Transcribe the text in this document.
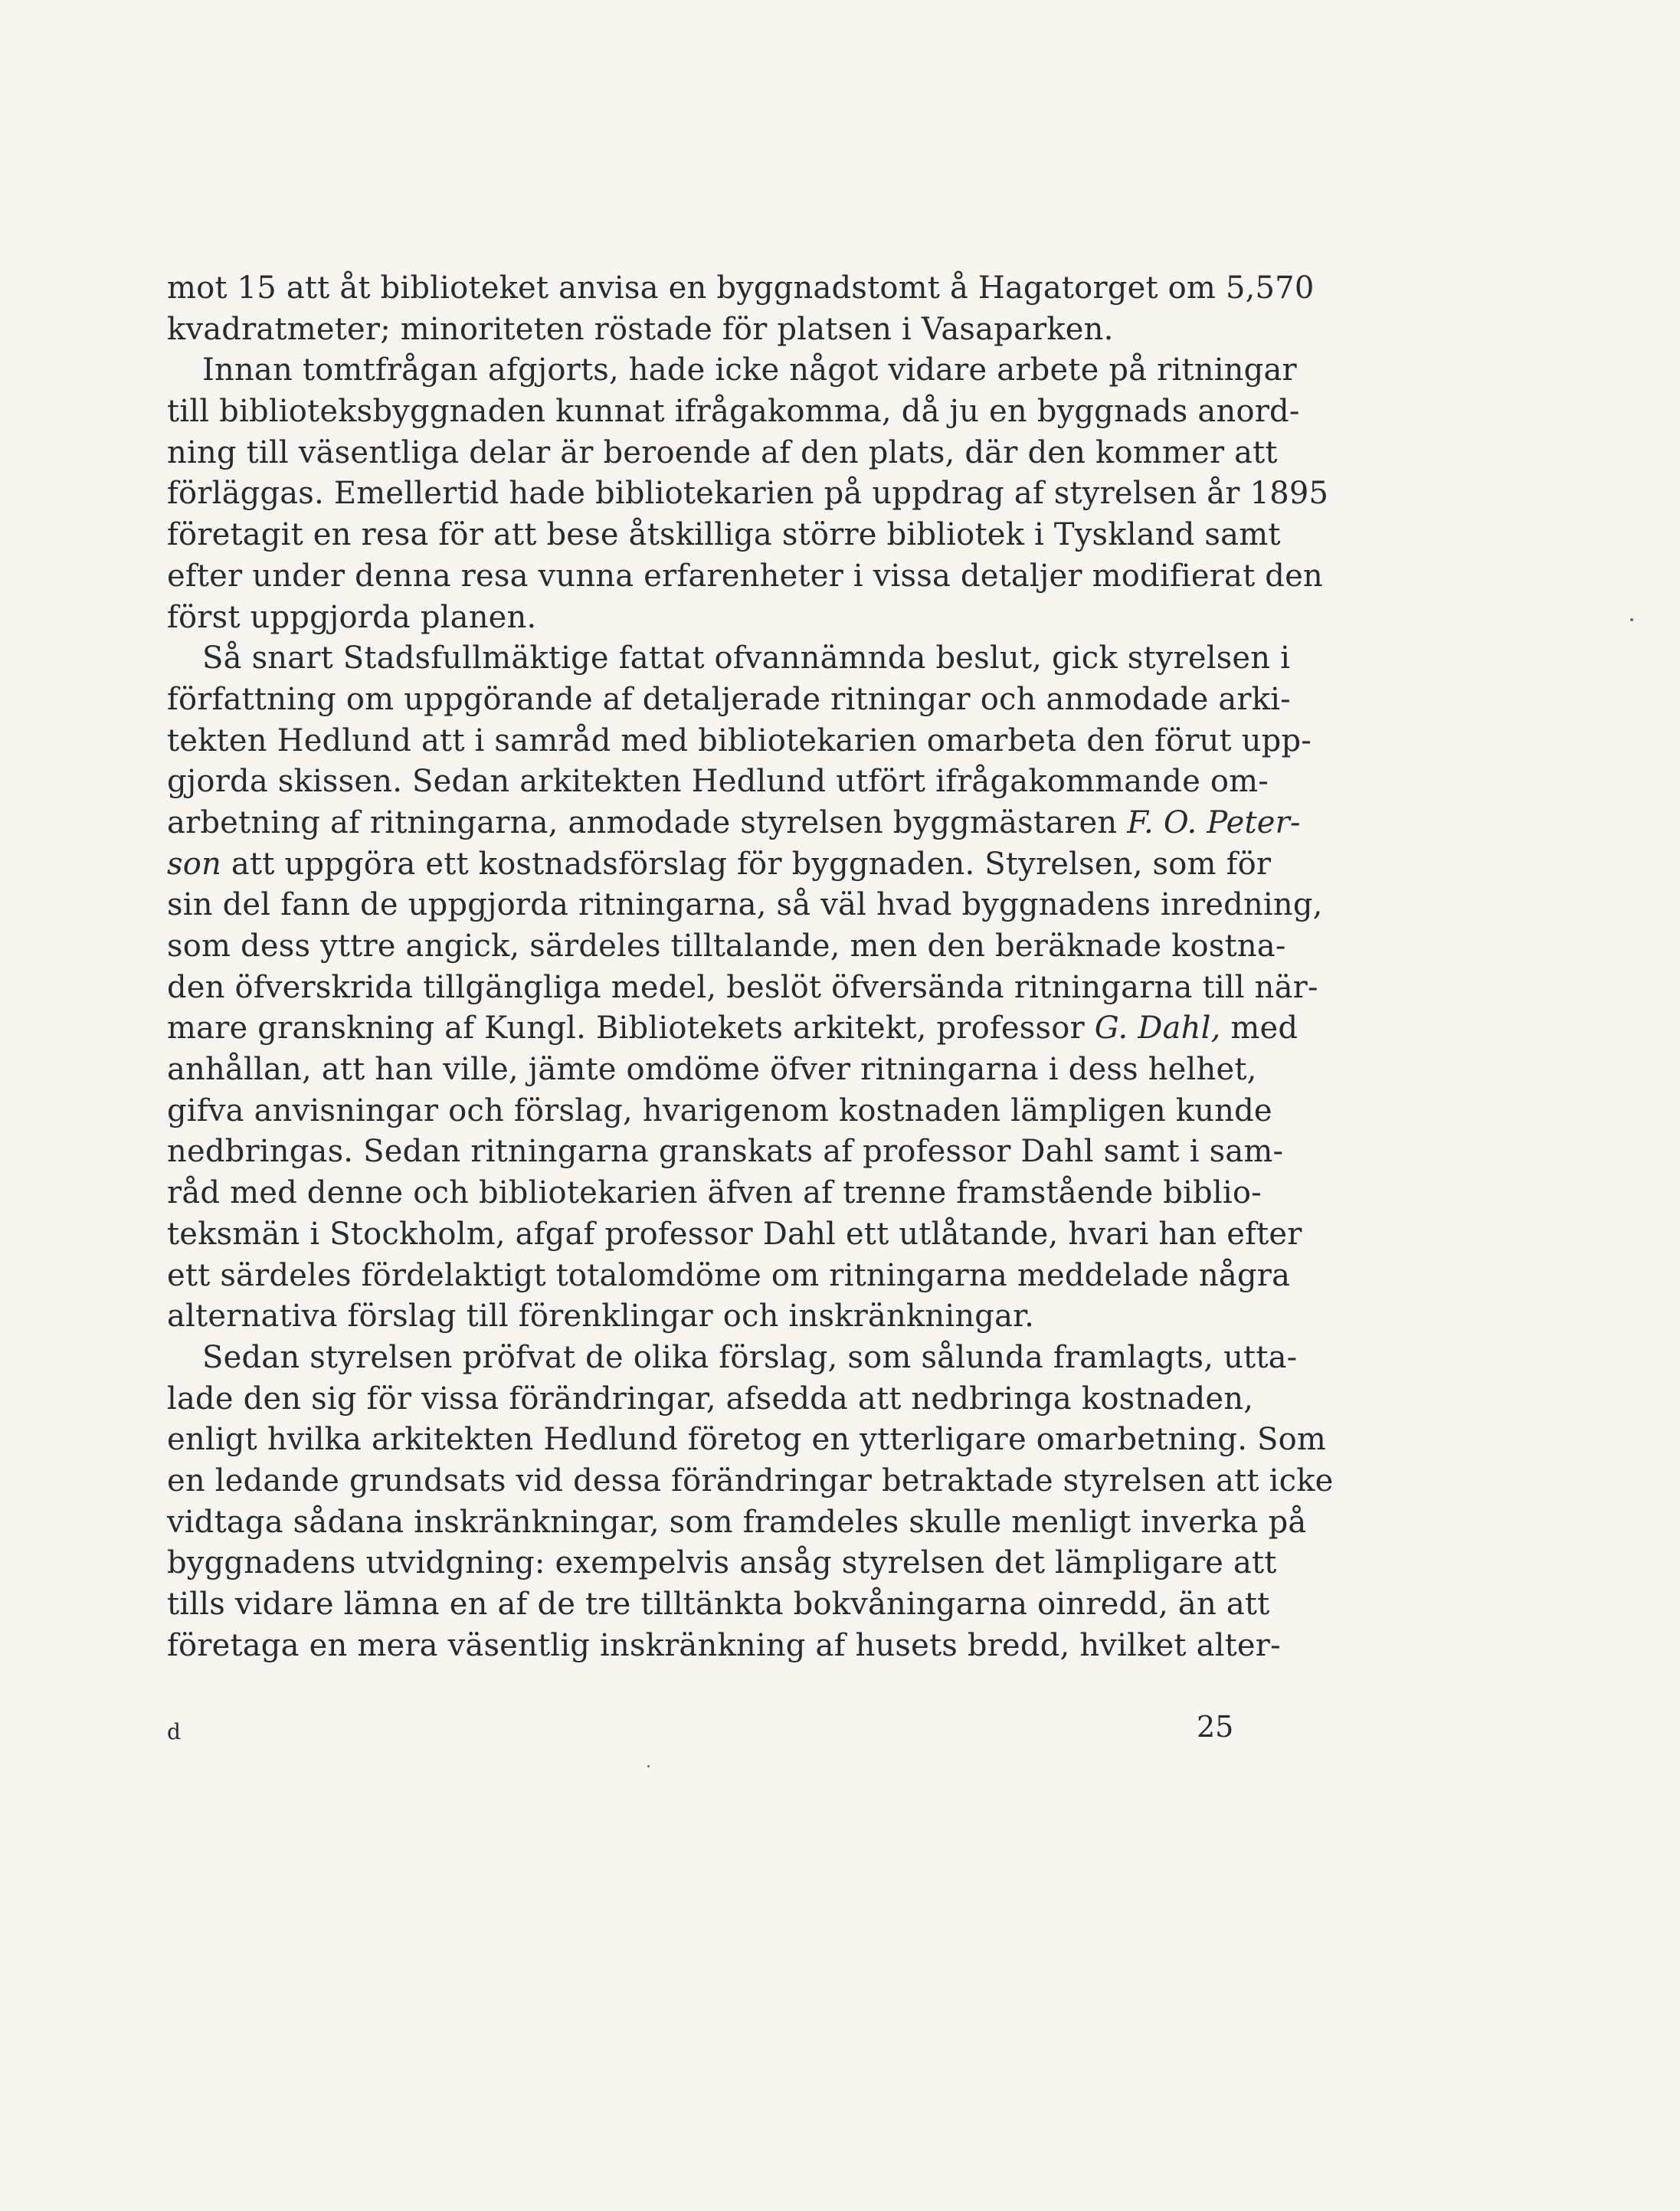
mot 15 att åt biblioteket anvisa en byggnadstomt å Hagatorget om 5,570
kvadratmeter; minoriteten röstade för platsen i Vasaparken.
Innan tomtfrågan afgjorts, hade icke något vidare arbete på ritningar
till biblioteksbyggnaden kunnat ifrågakomma, då ju en byggnads anord-
ning till väsentliga delar är beroende af den plats, där den kommer att
förläggas. Emellertid hade bibliotekarien på uppdrag af styrelsen år 1895
företagit en resa för att bese åtskilliga större bibliotek i Tyskland samt
efter under denna resa vunna erfarenheter i vissa detaljer modifierat den
först uppgjorda planen.
Så snart Stadsfullmäktige fattat ofvannämnda beslut, gick styrelsen i
författning om uppgörande af detaljerade ritningar och anmodade arki-
tekten Hedlund att i samråd med bibliotekarien omarbeta den förut upp-
gjorda skissen. Sedan arkitekten Hedlund utfört ifrågakommande om-
arbetning af ritningarna, anmodade styrelsen byggmästaren F. O. Peter-
son att uppgöra ett kostnadsförslag för byggnaden. Styrelsen, som för
sin del fann de uppgjorda ritningarna, så väl hvad byggnadens inredning,
som dess yttre angick, särdeles tilltalande, men den beräknade kostna-
den öfverskrida tillgängliga medel, beslöt öfversända ritningarna till när-
mare granskning af Kungl. Bibliotekets arkitekt, professor G. Dahl, med
anhållan, att han ville, jämte omdöme öfver ritningarna i dess helhet,
gifva anvisningar och förslag, hvarigenom kostnaden lämpligen kunde
nedbringas. Sedan ritningarna granskats af professor Dahl samt i sam-
råd med denne och bibliotekarien äfven af trenne framstående biblio-
teksmän i Stockholm, afgaf professor Dahl ett utlåtande, hvari han efter
ett särdeles fördelaktigt totalomdöme om ritningarna meddelade några
alternativa förslag till förenklingar och inskränkningar.
Sedan styrelsen pröfvat de olika förslag, som sålunda framlagts, utta-
lade den sig för vissa förändringar, afsedda att nedbringa kostnaden,
enligt hvilka arkitekten Hedlund företog en ytterligare omarbetning. Som
en ledande grundsats vid dessa förändringar betraktade styrelsen att icke
vidtaga sådana inskränkningar, som framdeles skulle menligt inverka på
byggnadens utvidgning: exempelvis ansåg styrelsen det lämpligare att
tills vidare lämna en af de tre tilltänkta bokvåningarna oinredd, än att
företaga en mera väsentlig inskränkning af husets bredd, hvilket alter-
d	25
